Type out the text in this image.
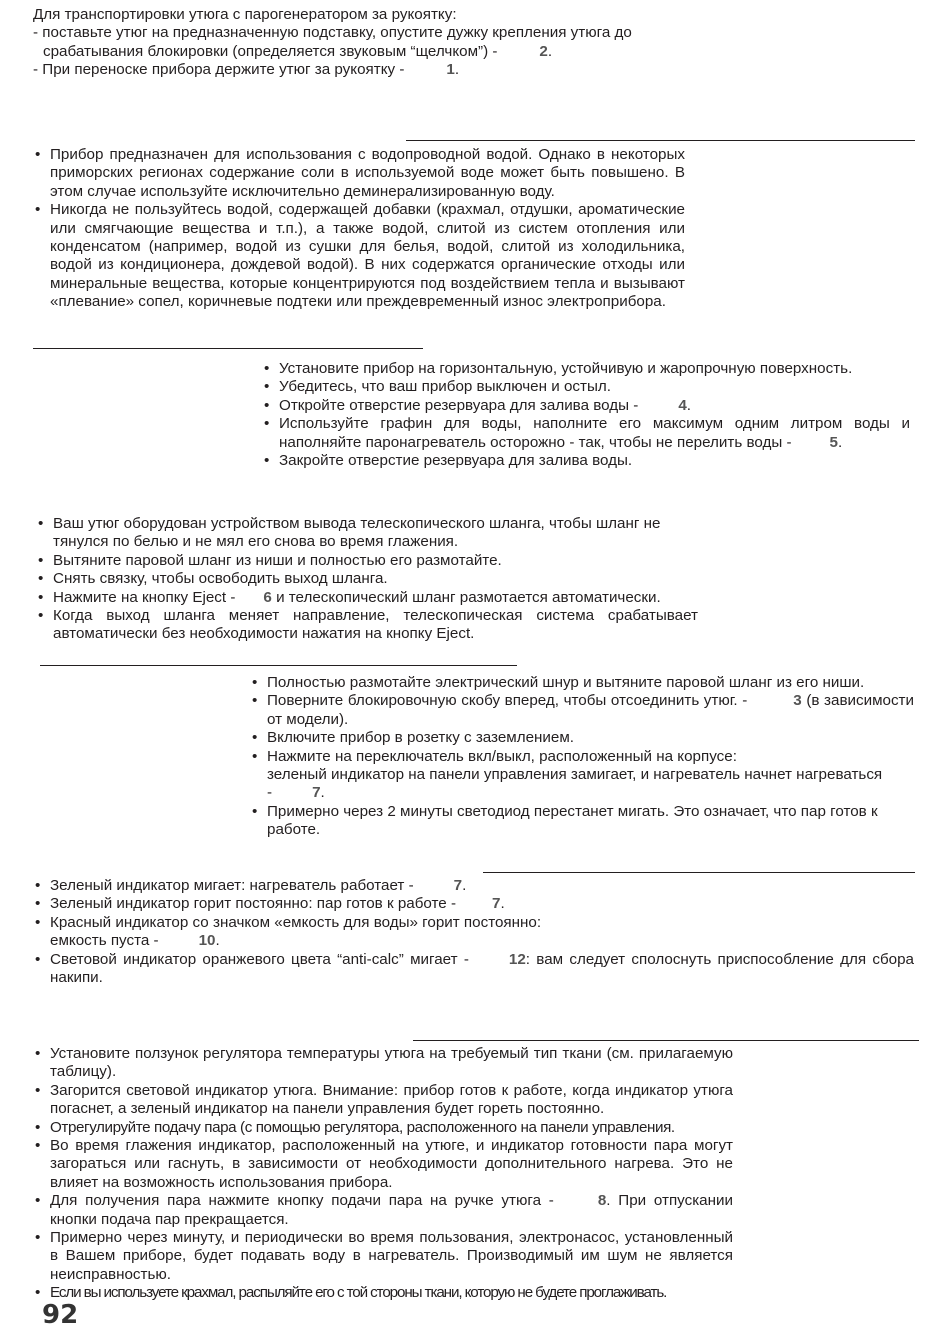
Для транспортировки утюга с парогенератором за рукоятку:

- поставьте утюг на предназначенную подставку, опустите дужку крепления утюга до

срабатывания блокировки (определяется звуковым “щелчком”) -	2.

- При переноске прибора держите утюг за рукоятку -	1.

• Прибор предназначен для использования с водопроводной водой. Однако в некоторых приморских регионах содержание соли в используемой воде может быть повышено. В этом случае используйте исключительно деминерализированную воду.
• Никогда не пользуйтесь водой, содержащей добавки (крахмал, отдушки, ароматические или смягчающие вещества и т.п.), а также водой, слитой из систем отопления или конденсатом (например, водой из сушки для белья, водой, слитой из холодильника, водой из кондиционера, дождевой водой). В них содержатся органические отходы или минеральные вещества, которые концентрируются под воздействием тепла и вызывают «плевание» сопел, коричневые подтеки или преждевременный износ электроприбора.
• Установите прибор на горизонтальную, устойчивую и жаропрочную поверхность.
• Убедитесь, что ваш прибор выключен и остыл.
• Откройте отверстие резервуара для залива воды -	4.
• Используйте графин для воды, наполните его максимум одним литром воды и наполняйте паронагреватель осторожно - так, чтобы не перелить воды -	5.
• Закройте отверстие резервуара для залива воды.
• Ваш утюг оборудован устройством вывода телескопического шланга, чтобы шланг не тянулся по белью и не мял его снова во время глажения.
• Вытяните паровой шланг из ниши и полностью его размотайте.
• Снять связку, чтобы освободить выход шланга.
• Нажмите на кнопку Eject - 6 и телескопический шланг размотается автоматически.
• Когда выход шланга меняет направление, телескопическая система срабатывает автоматически без необходимости нажатия на кнопку Eject.
• Полностью размотайте электрический шнур и вытяните паровой шланг из его ниши.
• Поверните блокировочную скобу вперед, чтобы отсоединить утюг. -	3 (в зависимости от модели).
• Включите прибор в розетку с заземлением.
• Нажмите на переключатель вкл/выкл, расположенный на корпусе:
зеленый индикатор на панели управления замигает, и нагреватель начнет нагреваться
-	7.
• Примерно через 2 минуты светодиод перестанет мигать. Это означает, что пар готов к работе.
• Зеленый индикатор мигает: нагреватель работает -	7.
• Зеленый индикатор горит постоянно: пар готов к работе - 7.
• Красный индикатор со значком «емкость для воды» горит постоянно:
емкость пуста -	10.
• Световой индикатор оранжевого цвета “anti-calc” мигает -	12: вам следует сполоснуть приспособление для сбора накипи.
• Установите ползунок регулятора температуры утюга на требуемый тип ткани (см. прилагаемую таблицу).
• Загорится световой индикатор утюга. Внимание: прибор готов к работе, когда индикатор утюга погаснет, а зеленый индикатор на панели управления будет гореть постоянно.
• Отрегулируйте подачу пара (с помощью регулятора, расположенного на панели управления.
• Во время глажения индикатор, расположенный на утюге, и индикатор готовности пара могут загораться или гаснуть, в зависимости от необходимости дополнительного нагрева. Это не влияет на возможность использования прибора.
• Для получения пара нажмите кнопку подачи пара на ручке утюга -	8. При отпускании кнопки подача пар прекращается.
• Примерно через минуту, и периодически во время пользования, электронасос, установленный в Вашем приборе, будет подавать воду в нагреватель. Производимый им шум не является неисправностью.
• Если вы используете крахмал, распыляйте его с той стороны ткани, которую не будете проглаживать.
92
